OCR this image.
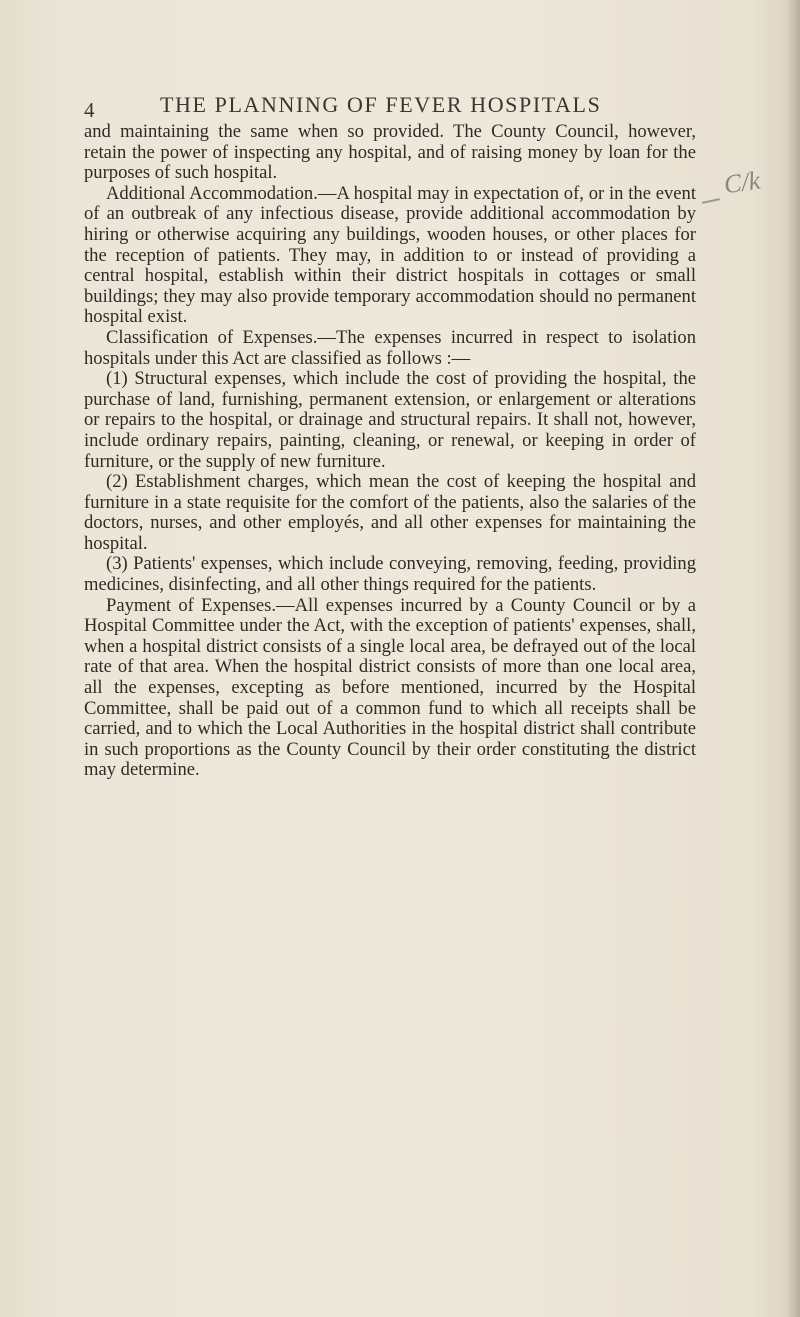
4	THE PLANNING OF FEVER HOSPITALS
C/k

and maintaining the same when so provided. The County Council, however, retain the power of inspecting any hospital, and of raising money by loan for the purposes of such hospital.

Additional Accommodation.—A hospital may in expectation of, or in the event of an outbreak of any infectious disease, provide additional accommodation by hiring or otherwise acquiring any buildings, wooden houses, or other places for the reception of patients. They may, in addition to or instead of providing a central hospital, establish within their district hospitals in cottages or small buildings; they may also provide temporary accommodation should no permanent hospital exist.

Classification of Expenses.—The expenses incurred in respect to isolation hospitals under this Act are classified as follows :—

(1) Structural expenses, which include the cost of providing the hospital, the purchase of land, furnishing, permanent extension, or enlargement or alterations or repairs to the hospital, or drainage and structural repairs. It shall not, however, include ordinary repairs, painting, cleaning, or renewal, or keeping in order of furniture, or the supply of new furniture.

(2) Establishment charges, which mean the cost of keeping the hospital and furniture in a state requisite for the comfort of the patients, also the salaries of the doctors, nurses, and other employés, and all other expenses for maintaining the hospital.

(3) Patients' expenses, which include conveying, removing, feeding, providing medicines, disinfecting, and all other things required for the patients.

Payment of Expenses.—All expenses incurred by a County Council or by a Hospital Committee under the Act, with the exception of patients' expenses, shall, when a hospital district consists of a single local area, be defrayed out of the local rate of that area. When the hospital district consists of more than one local area, all the expenses, excepting as before mentioned, incurred by the Hospital Committee, shall be paid out of a common fund to which all receipts shall be carried, and to which the Local Authorities in the hospital district shall contribute in such proportions as the County Council by their order constituting the district may determine.
